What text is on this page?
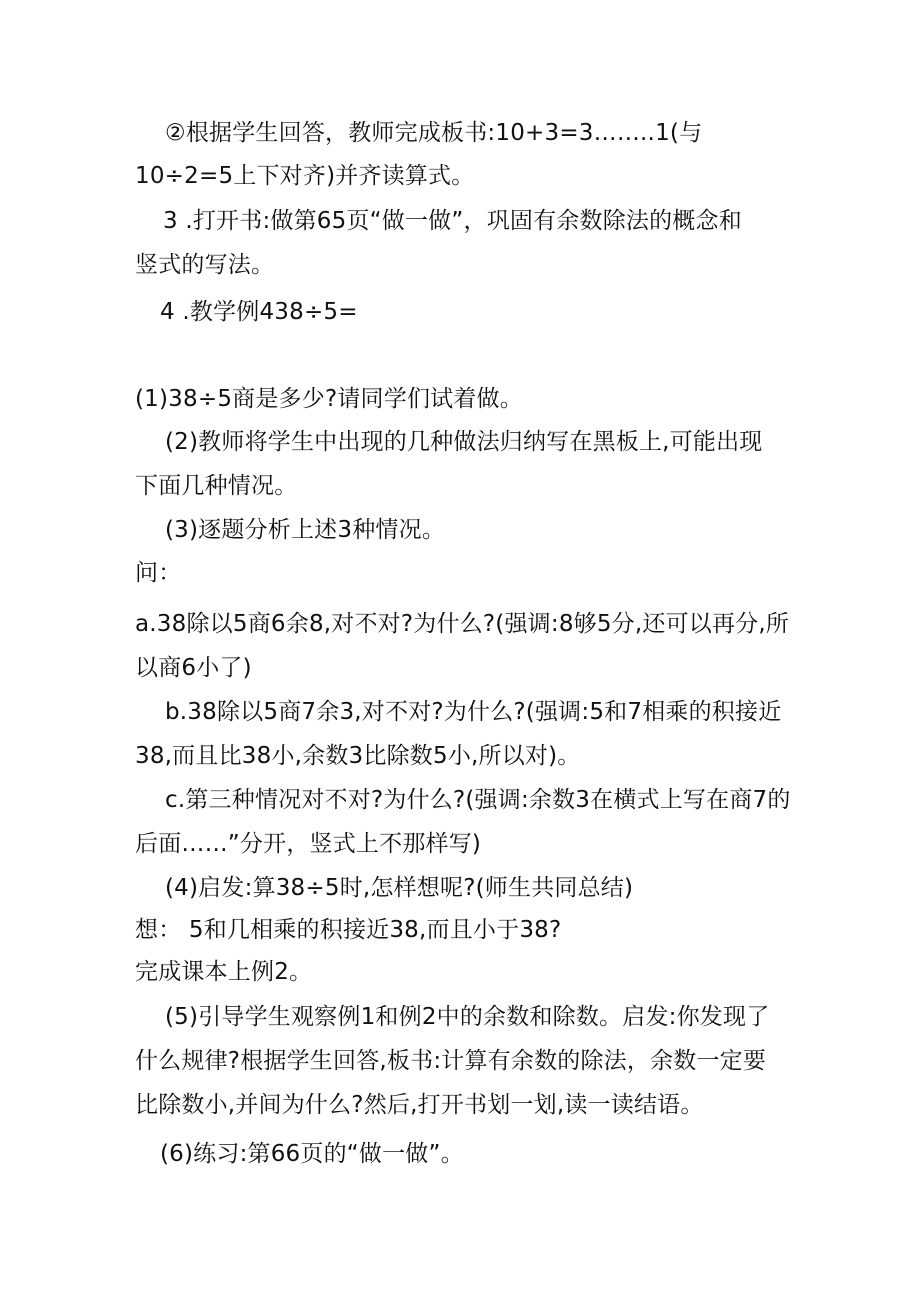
②根据学生回答，教师完成板书:10+3=3……..1(与
10÷2=5上下对齐)并齐读算式。
3 .打开书:做第65页“做一做”，巩固有余数除法的概念和
竖式的写法。
4 .教学例438÷5=
(1)38÷5商是多少?请同学们试着做。
(2)教师将学生中出现的几种做法归纳写在黑板上,可能出现
下面几种情况。
(3)逐题分析上述3种情况。
问：
a.38除以5商6余8,对不对?为什么?(强调:8够5分,还可以再分,所
以商6小了)
b.38除以5商7余3,对不对?为什么?(强调:5和7相乘的积接近
38,而且比38小,余数3比除数5小,所以对)。
c.第三种情况对不对?为什么?(强调:余数3在横式上写在商7的
后面……”分开，竖式上不那样写)
(4)启发:算38÷5时,怎样想呢?(师生共同总结)
想： 5和几相乘的积接近38,而且小于38?
完成课本上例2。
(5)引导学生观察例1和例2中的余数和除数。启发:你发现了
什么规律?根据学生回答,板书:计算有余数的除法，余数一定要
比除数小,并间为什么?然后,打开书划一划,读一读结语。
(6)练习:第66页的“做一做”。
